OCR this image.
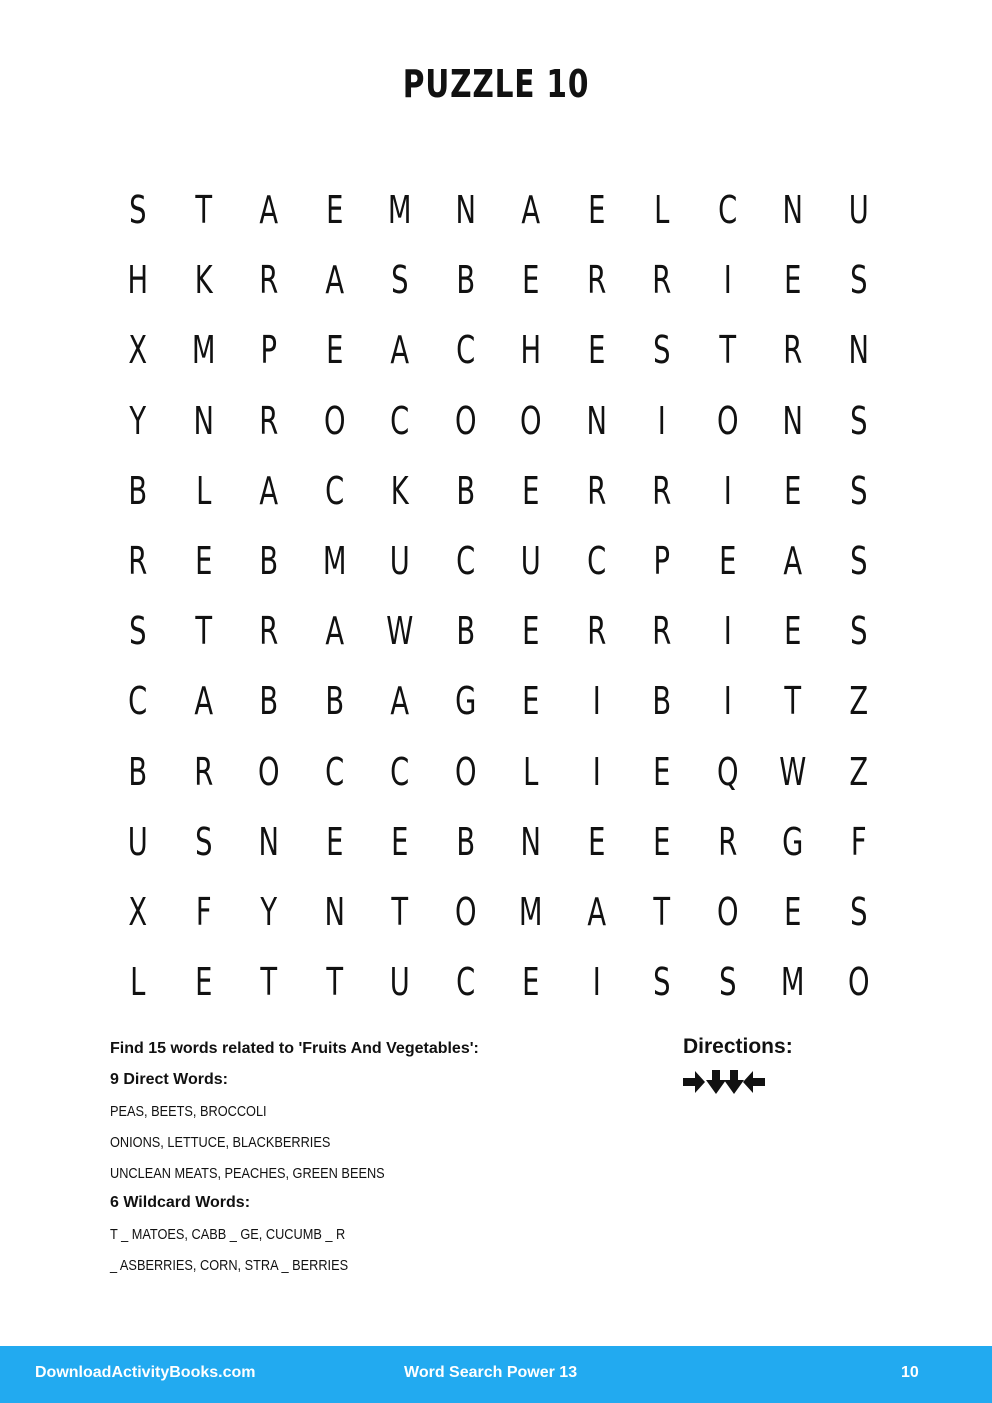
PUZZLE 10
S	T	A	E	M	N	A	E	L	C	N	U
H	K	R	A	S	B	E	R	R	I	E	S
X	M	P	E	A	C	H	E	S	T	R	N
Y	N	R	O	C	O	O	N	I	O	N	S
B	L	A	C	K	B	E	R	R	I	E	S
R	E	B	M	U	C	U	C	P	E	A	S
S	T	R	A	W	B	E	R	R	I	E	S
C	A	B	B	A	G	E	I	B	I	T	Z
B	R	O	C	C	O	L	I	E	Q	W	Z
U	S	N	E	E	B	N	E	E	R	G	F
X	F	Y	N	T	O	M	A	T	O	E	S
L	E	T	T	U	C	E	I	S	S	M	O
Find 15 words related to 'Fruits And Vegetables':
9 Direct Words:
PEAS, BEETS, BROCCOLI
ONIONS, LETTUCE, BLACKBERRIES
UNCLEAN MEATS, PEACHES, GREEN BEENS
6 Wildcard Words:
T _ MATOES, CABB _ GE, CUCUMB _ R
_ ASBERRIES, CORN, STRA _ BERRIES
Directions:
DownloadActivityBooks.com	Word Search Power 13	10
